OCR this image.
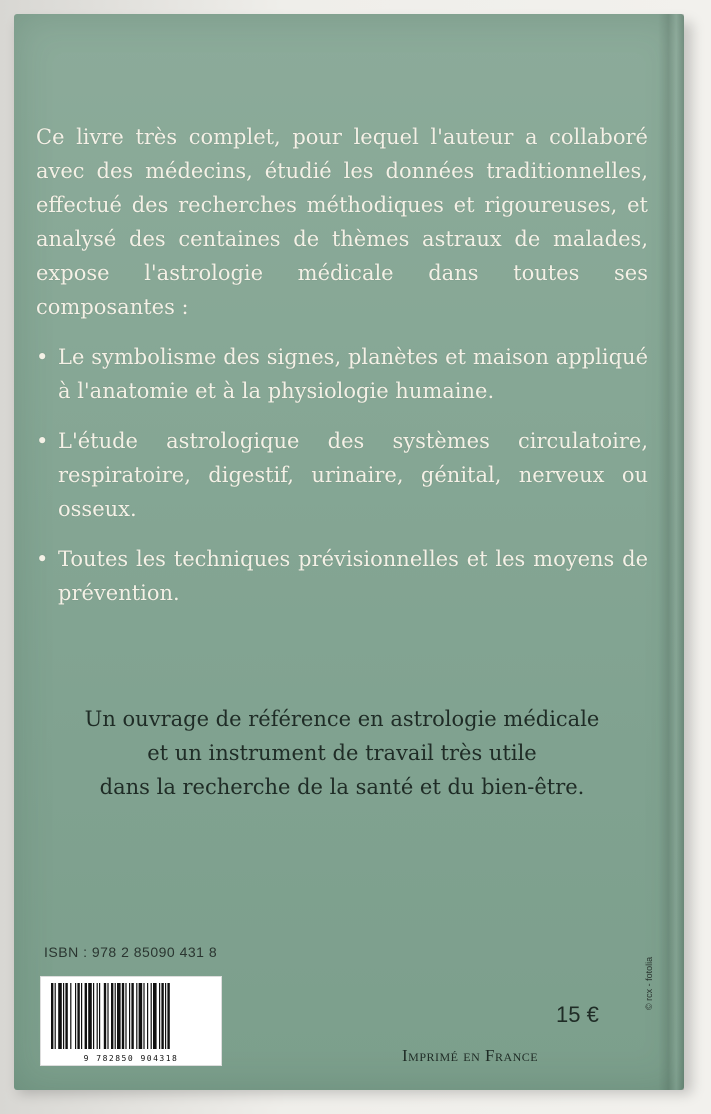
Ce livre très complet, pour lequel l'auteur a collaboré avec des médecins, étudié les données traditionnelles, effectué des recherches méthodiques et rigoureuses, et analysé des centaines de thèmes astraux de malades, expose l'astrologie médicale dans toutes ses composantes :

• Le symbolisme des signes, planètes et maison appliqué à l'anatomie et à la physiologie humaine.

• L'étude astrologique des systèmes circulatoire, respiratoire, digestif, urinaire, génital, nerveux ou osseux.

• Toutes les techniques prévisionnelles et les moyens de prévention.

Un ouvrage de référence en astrologie médicale
et un instrument de travail très utile
dans la recherche de la santé et du bien-être.
ISBN : 978 2 85090 431 8
9 782850 904318
15 €
Imprimé en France
© rcx - fotolia
